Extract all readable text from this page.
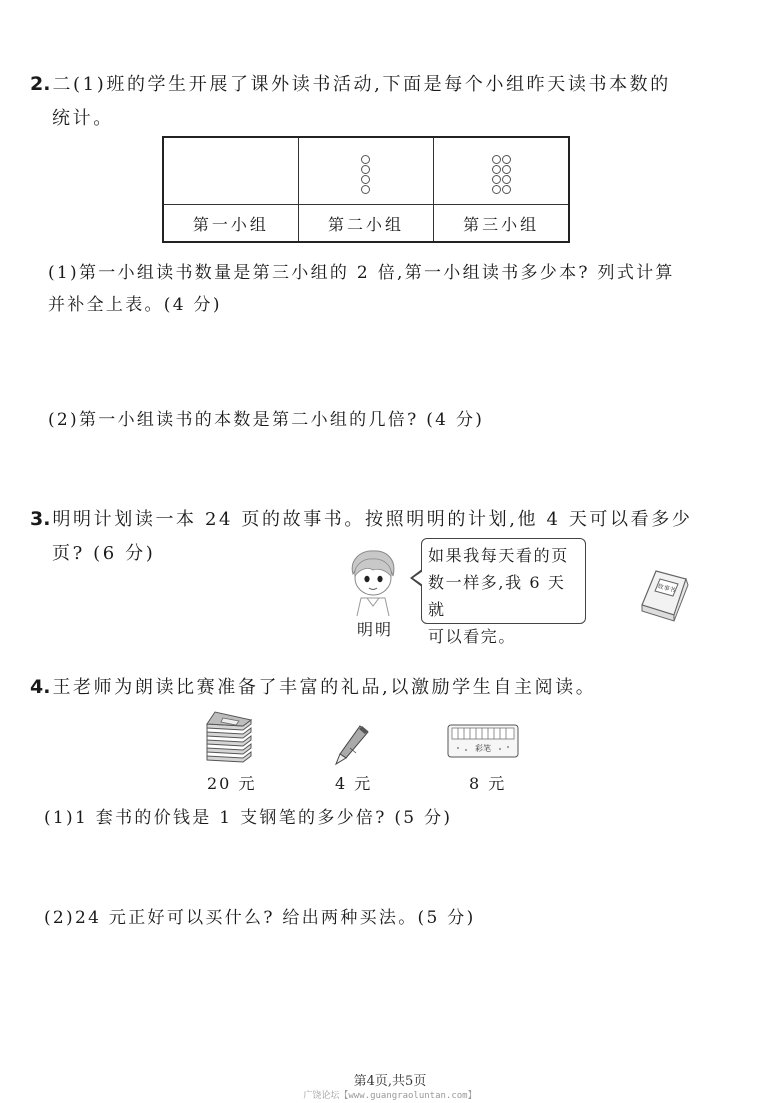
2. 二(1)班的学生开展了课外读书活动,下面是每个小组昨天读书本数的
统计。

第一小组	第二小组	第三小组
(1)第一小组读书数量是第三小组的 2 倍,第一小组读书多少本? 列式计算
并补全上表。(4 分)
(2)第一小组读书的本数是第二小组的几倍? (4 分)
3. 明明计划读一本 24 页的故事书。按照明明的计划,他 4 天可以看多少
页? (6 分)
明明
如果我每天看的页
数一样多,我 6 天就
可以看完。
故事书
4. 王老师为朗读比赛准备了丰富的礼品,以激励学生自主阅读。
20 元	4 元
彩笔
8 元
(1)1 套书的价钱是 1 支钢笔的多少倍? (5 分)
(2)24 元正好可以买什么? 给出两种买法。(5 分)
第4页,共5页
广饶论坛【www.guangraoluntan.com】
